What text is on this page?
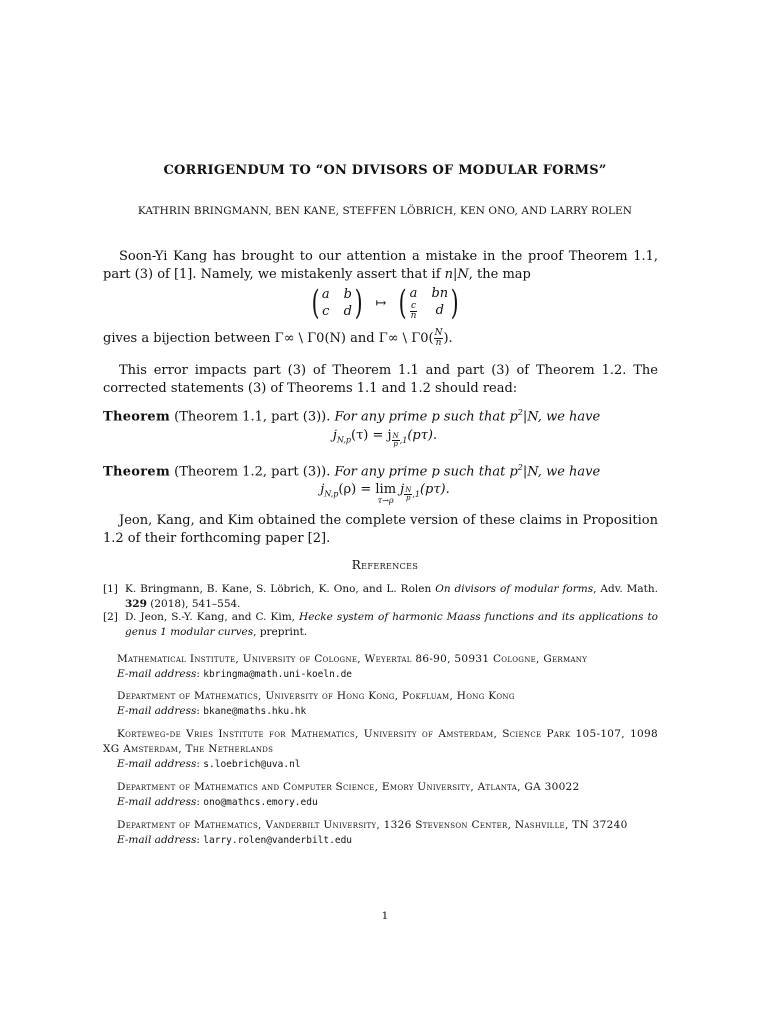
CORRIGENDUM TO “ON DIVISORS OF MODULAR FORMS”
KATHRIN BRINGMANN, BEN KANE, STEFFEN LÖBRICH, KEN ONO, AND LARRY ROLEN
Soon-Yi Kang has brought to our attention a mistake in the proof Theorem 1.1, part (3) of [1]. Namely, we mistakenly assert that if n|N, the map
( a b
c d ) ↦ ( a bn
$\frac{c}{n}$	d )
gives a bijection between Γ∞ \ Γ0(N) and Γ∞ \ $\Gamma 0( \frac{N}{n}$ ).
This error impacts part (3) of Theorem 1.1 and part (3) of Theorem 1.2. The corrected statements (3) of Theorems 1.1 and 1.2 should read:
Theorem (Theorem 1.1, part (3)). For any prime p such that $p^2|N$, we have
$j_{N,p}(\tau) = j$ $_{\frac{N}{p} ,1}$(pτ).
Theorem (Theorem 1.2, part (3)). For any prime p such that $p^2|N$, we have
$j_{N,p}(\rho) = \lim$
τ→ρ
j $_{\frac{N}{p} ,1}$(pτ).
Jeon, Kang, and Kim obtained the complete version of these claims in Proposition 1.2 of their forthcoming paper [2].
References
[1] K. Bringmann, B. Kane, S. Löbrich, K. Ono, and L. Rolen On divisors of modular forms, Adv. Math. 329 (2018), 541–554.
[2] D. Jeon, S.-Y. Kang, and C. Kim, Hecke system of harmonic Maass functions and its applications to genus 1 modular curves, preprint.
Mathematical Institute, University of Cologne, Weyertal 86-90, 50931 Cologne, Germany
E-mail address: kbringma@math.uni-koeln.de
Department of Mathematics, University of Hong Kong, Pokfluam, Hong Kong
E-mail address: bkane@maths.hku.hk
Korteweg-de Vries Institute for Mathematics, University of Amsterdam, Science Park 105-107, 1098 XG Amsterdam, The Netherlands
E-mail address: s.loebrich@uva.nl
Department of Mathematics and Computer Science, Emory University, Atlanta, GA 30022
E-mail address: ono@mathcs.emory.edu
Department of Mathematics, Vanderbilt University, 1326 Stevenson Center, Nashville, TN 37240
E-mail address: larry.rolen@vanderbilt.edu
1
